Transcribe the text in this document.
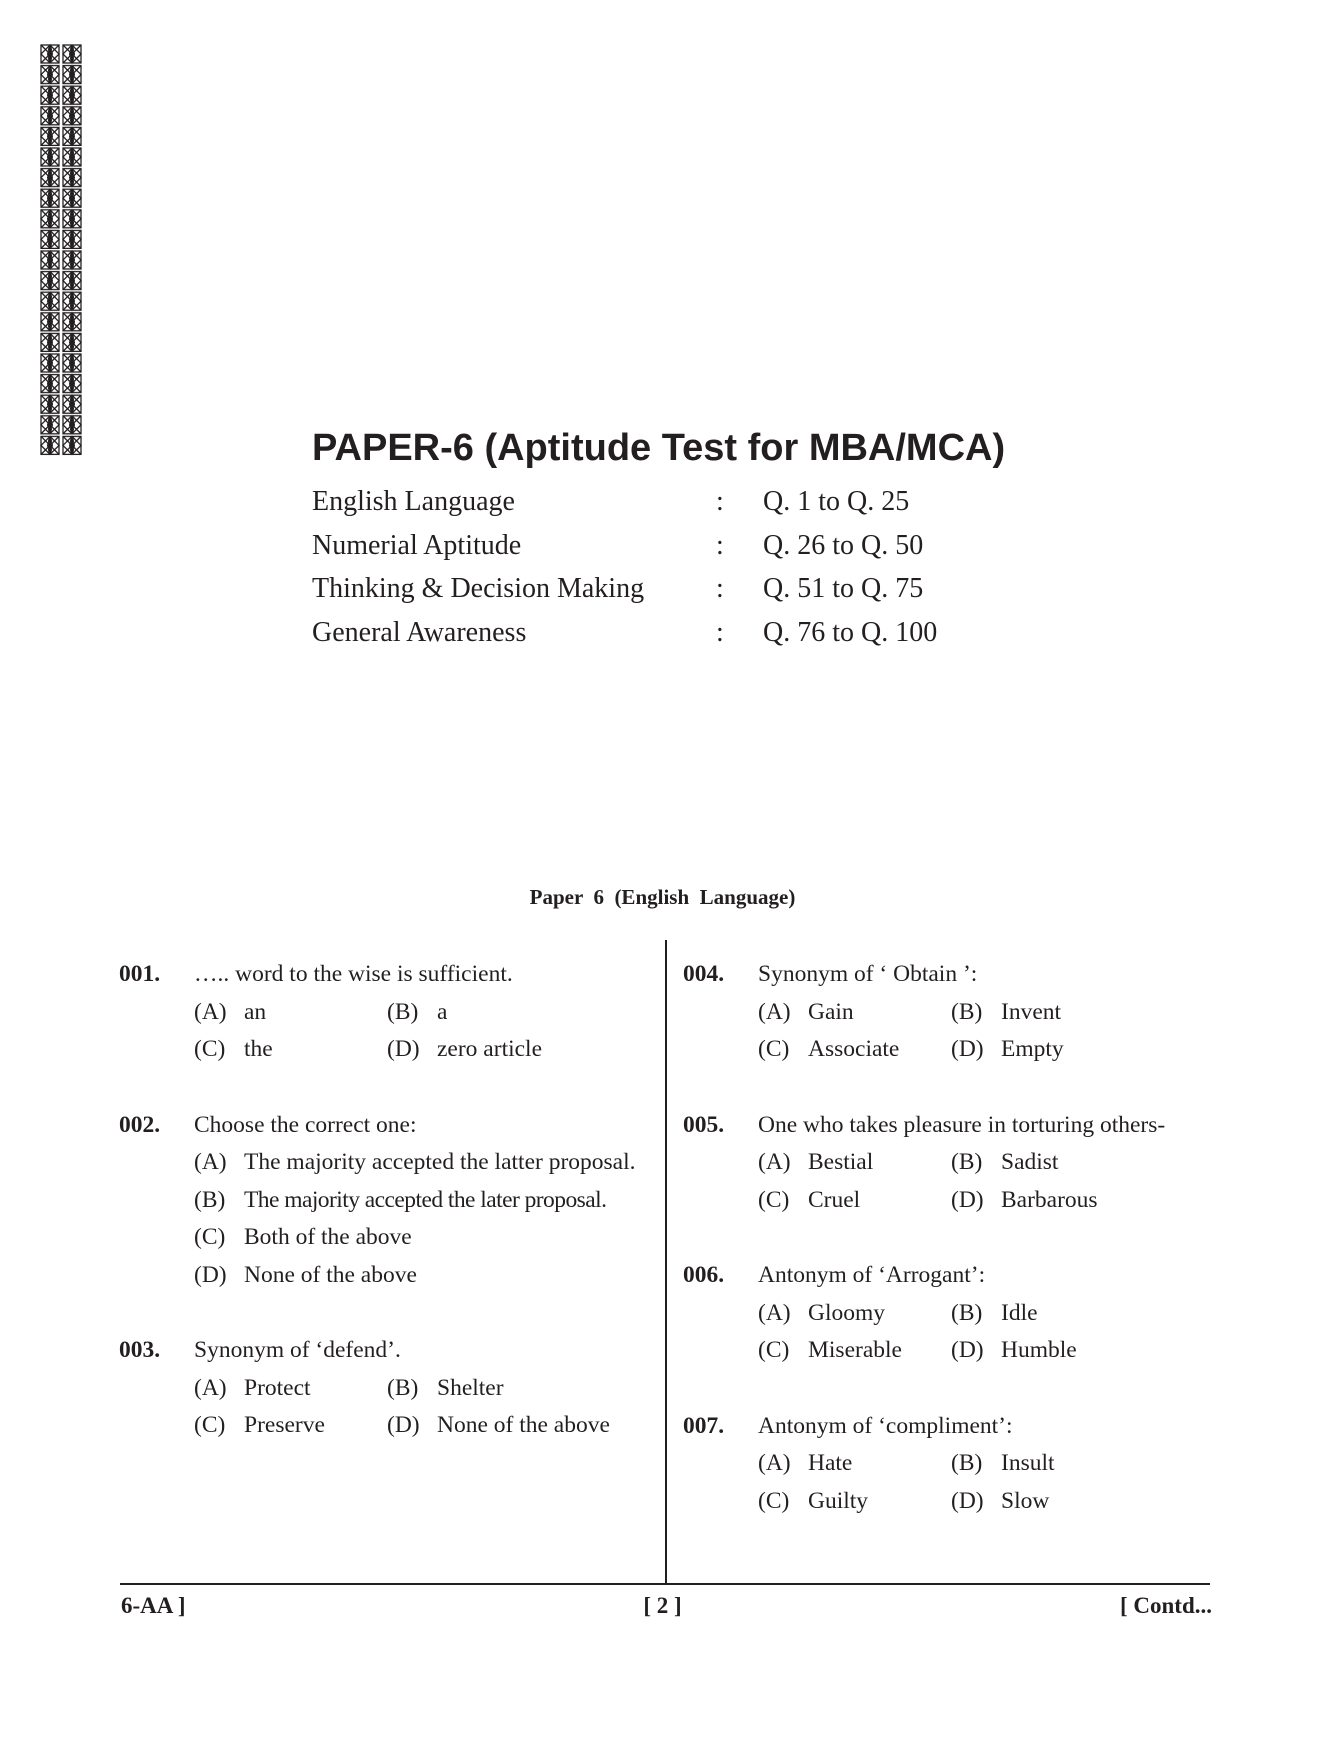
PAPER-6 (Aptitude Test for MBA/MCA)
English Language	: Q. 1 to Q. 25
Numerial Aptitude	: Q. 26 to Q. 50
Thinking & Decision Making	: Q. 51 to Q. 75
General Awareness	: Q. 76 to Q. 100
Paper  6  (English  Language)
001. ….. word to the wise is sufficient.
(A) an	(B) a
(C) the	(D) zero article
002. Choose the correct one:
(A) The majority accepted the latter proposal.
(B) The majority accepted the later proposal.
(C) Both of the above
(D) None of the above
003. Synonym of ‘defend’.
(A) Protect	(B) Shelter
(C) Preserve	(D) None of the above
004. Synonym of ‘ Obtain ’:
(A) Gain	(B) Invent
(C) Associate (D) Empty
005. One who takes pleasure in torturing others-
(A) Bestial	(B) Sadist
(C) Cruel	(D) Barbarous
006. Antonym of ‘Arrogant’:
(A) Gloomy	(B) Idle
(C) Miserable (D) Humble
007. Antonym of ‘compliment’:
(A) Hate	(B) Insult
(C) Guilty	(D) Slow
6-AA ]	[ 2 ]	[ Contd...
